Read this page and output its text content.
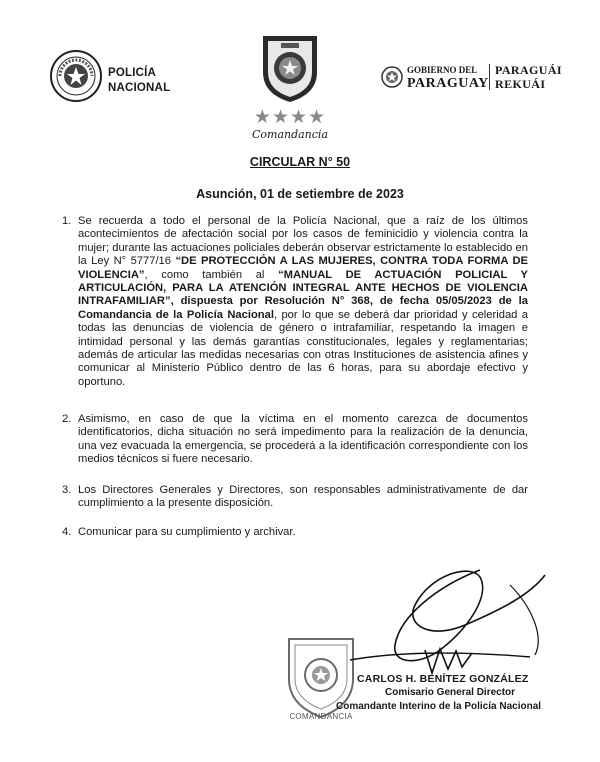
POLICÍA
NACIONAL
★★★★
Comandancia
GOBIERNO DEL
PARAGUAY
PARAGUÁI
REKUÁI
CIRCULAR N° 50
Asunción, 01 de setiembre de 2023
1. Se recuerda a todo el personal de la Policía Nacional, que a raíz de los últimos acontecimientos de afectación social por los casos de feminicidio y violencia contra la mujer; durante las actuaciones policiales deberán observar estrictamente lo establecido en la Ley N° 5777/16 “DE PROTECCIÓN A LAS MUJERES, CONTRA TODA FORMA DE VIOLENCIA”, como también al “MANUAL DE ACTUACIÓN POLICIAL Y ARTICULACIÓN, PARA LA ATENCIÓN INTEGRAL ANTE HECHOS DE VIOLENCIA INTRAFAMILIAR”, dispuesta por Resolución N° 368, de fecha 05/05/2023 de la Comandancia de la Policía Nacional, por lo que se deberá dar prioridad y celeridad a todas las denuncias de violencia de género o intrafamiliar, respetando la imagen e intimidad personal y las demás garantías constitucionales, legales y reglamentarias; además de articular las medidas necesarias con otras Instituciones de asistencia afines y comunicar al Ministerio Público dentro de las 6 horas, para su abordaje efectivo y oportuno.
2. Asimismo, en caso de que la víctima en el momento carezca de documentos identificatorios, dicha situación no será impedimento para la realización de la denuncia, una vez evacuada la emergencia, se procederá a la identificación correspondiente con los medios técnicos si fuere necesario.
3. Los Directores Generales y Directores, son responsables administrativamente de dar cumplimiento a la presente disposición.
4. Comunicar para su cumplimiento y archivar.
COMANDANCIA
CARLOS H. BENÍTEZ GONZÁLEZ
Comisario General Director
Comandante Interino de la Policía Nacional
